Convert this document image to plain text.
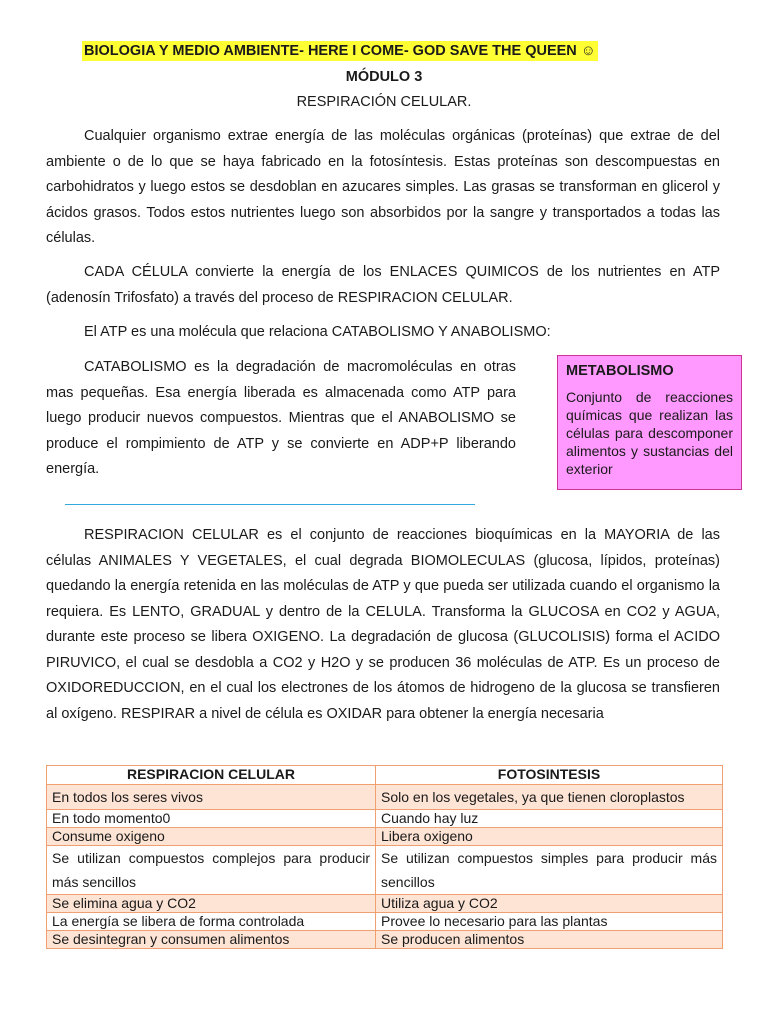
BIOLOGIA Y MEDIO AMBIENTE- HERE I COME- GOD SAVE THE QUEEN ☺
MÓDULO 3
RESPIRACIÓN CELULAR.

Cualquier organismo extrae energía de las moléculas orgánicas (proteínas) que extrae de del ambiente o de lo que se haya fabricado en la fotosíntesis. Estas proteínas son descompuestas en carbohidratos y luego estos se desdoblan en azucares simples. Las grasas se transforman en glicerol y ácidos grasos. Todos estos nutrientes luego son absorbidos por la sangre y transportados a todas las células.

CADA CÉLULA convierte la energía de los ENLACES QUIMICOS de los nutrientes en ATP (adenosín Trifosfato) a través del proceso de RESPIRACION CELULAR.

El ATP es una molécula que relaciona CATABOLISMO Y ANABOLISMO:

CATABOLISMO es la degradación de macromoléculas en otras mas pequeñas. Esa energía liberada es almacenada como ATP para luego producir nuevos compuestos. Mientras que el ANABOLISMO se produce el rompimiento de ATP y se convierte en ADP+P liberando energía.

METABOLISMO
Conjunto de reacciones químicas que realizan las células para descomponer alimentos y sustancias del exterior

RESPIRACION CELULAR es el conjunto de reacciones bioquímicas en la MAYORIA de las células ANIMALES Y VEGETALES, el cual degrada BIOMOLECULAS (glucosa, lípidos, proteínas) quedando la energía retenida en las moléculas de ATP y que pueda ser utilizada cuando el organismo la requiera. Es LENTO, GRADUAL y dentro de la CELULA. Transforma la GLUCOSA en CO2 y AGUA, durante este proceso se libera OXIGENO. La degradación de glucosa (GLUCOLISIS) forma el ACIDO PIRUVICO, el cual se desdobla a CO2 y H2O y se producen 36 moléculas de ATP. Es un proceso de OXIDOREDUCCION, en el cual los electrones de los átomos de hidrogeno de la glucosa se transfieren al oxígeno. RESPIRAR a nivel de célula es OXIDAR para obtener la energía necesaria

RESPIRACION CELULAR	FOTOSINTESIS
En todos los seres vivos	Solo en los vegetales, ya que tienen cloroplastos
En todo momento0	Cuando hay luz
Consume oxigeno	Libera oxigeno
Se utilizan compuestos complejos para producir más sencillos	Se utilizan compuestos simples para producir más sencillos
Se elimina agua y CO2	Utiliza agua y CO2
La energía se libera de forma controlada	Provee lo necesario para las plantas
Se desintegran y consumen alimentos	Se producen alimentos
